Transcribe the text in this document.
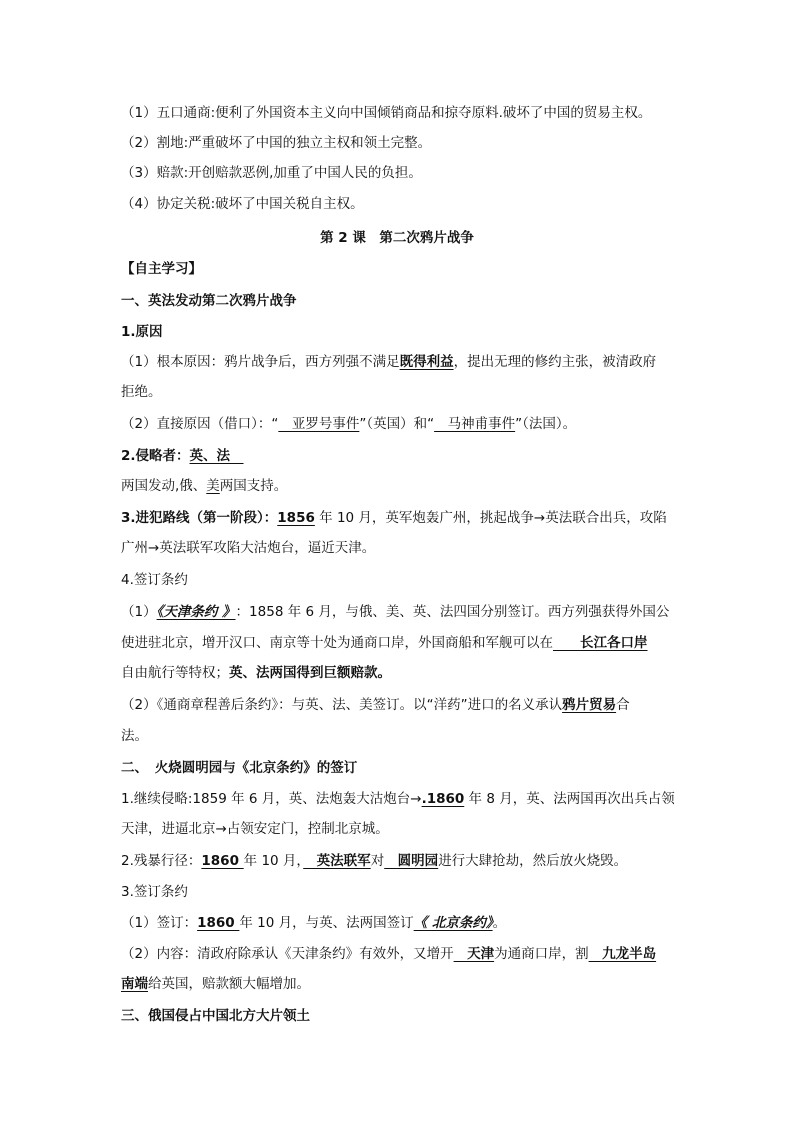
（1）五口通商:便利了外国资本主义向中国倾销商品和掠夺原料.破坏了中国的贸易主权。
（2）割地:严重破坏了中国的独立主权和领土完整。
（3）赔款:开创赔款恶例,加重了中国人民的负担。
（4）协定关税:破坏了中国关税自主权。
第 2 课　第二次鸦片战争
【自主学习】
一、英法发动第二次鸦片战争
1.原因
（1）根本原因：鸦片战争后，西方列强不满足既得利益，提出无理的修约主张，被清政府
拒绝。
（2）直接原因（借口）：“　亚罗号事件”（英国）和“　马神甫事件”（法国）。
2.侵略者：英、法　
两国发动,俄、美两国支持。
3.进犯路线（第一阶段）：1856 年 10 月，英军炮轰广州，挑起战争→英法联合出兵，攻陷
广州→英法联军攻陷大沽炮台，逼近天津。
4.签订条约
（1）《天津条约 》：1858 年 6 月，与俄、美、英、法四国分别签订。西方列强获得外国公
使进驻北京，增开汉口、南京等十处为通商口岸，外国商船和军舰可以在　　长江各口岸
自由航行等特权；英、法两国得到巨额赔款。
（2）《通商章程善后条约》：与英、法、美签订。以“洋药”进口的名义承认鸦片贸易合
法。
二、　火烧圆明园与《北京条约》的签订
1.继续侵略:1859 年 6 月，英、法炮轰大沽炮台→.1860 年 8 月，英、法两国再次出兵占领
天津，进逼北京→占领安定门，控制北京城。
2.残暴行径：1860 年 10 月，　英法联军对　圆明园进行大肆抢劫，然后放火烧毁。
3.签订条约
（1）签订：1860 年 10 月，与英、法两国签订《 北京条约》。
（2）内容：清政府除承认《天津条约》有效外，又增开　天津为通商口岸，割　九龙半岛
南端给英国，赔款额大幅增加。
三、俄国侵占中国北方大片领土
